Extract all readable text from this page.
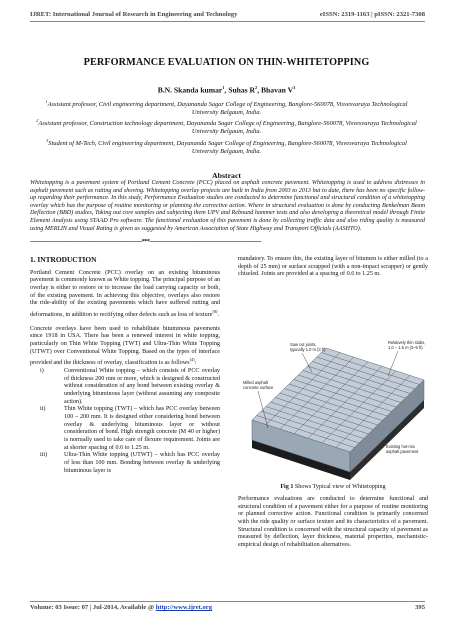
IJRET: International Journal of Research in Engineering and Technology	eISSN: 2319-1163 | pISSN: 2321-7308
PERFORMANCE EVALUATION ON THIN-WHITETOPPING
B.N. Skanda kumar$^1$, Suhas $R^2$, Bhavan $V^3$
$^1$Assistant professor, Civil engineering department, Dayananda Sagar College of Engineering, Banglore-560078, Visvesvaraya Technological University Belgaum, India.
$^2$Assistant professor, Construction technology department, Dayananda Sagar College of Engineering, Banglore-560078, Visvesvaraya Technological University Belgaum, India.
$^3$Student of M-Tech, Civil engineering department, Dayananda Sagar College of Engineering, Banglore-560078, Visvesvaraya Technological University Belgaum, India.
Abstract
Whitetopping is a pavement system of Portland Cement Concrete (PCC) placed on asphalt concrete pavement. Whitetopping is used to address distresses in asphalt pavement such as rutting and shoving. Whitetopping overlay projects are built in India from 2003 to 2013 but to date, there has been no specific follow-up regarding their performance. In this study, Performance Evaluation studies are conducted to determine functional and structural condition of a whitetopping overlay which has the purpose of routine monitoring or planning the corrective action. Where in structural evaluation is done by conducting Benkelman Beam Deflection (BBD) studies, Taking out core samples and subjecting them UPV and Rebound hammer tests and also developing a theoretical model through Finite Element Analysis using STAAD Pro software. The functional evaluation of this pavement is done by collecting traffic data and also riding quality is measured using MERLIN and Visual Rating is given as suggested by American Association of State Highway and Transport Officials (AASHTO).
-------------------------------------------------------------------------***-------------------------------------------------------------------------
1. INTRODUCTION

Portland Cement Concrete (PCC) overlay on an existing bituminous pavement is commonly known as White topping. The principal purpose of an overlay is either to restore or to increase the load carrying capacity or both, of the existing pavement. In achieving this objective, overlays also restore the ride-ability of the existing pavements which have suffered rutting and deformations, in addition to rectifying other defects such as loss of texture[8].

Concrete overlays have been used to rehabilitate bituminous pavements since 1918 in USA. There has been a renewed interest in white topping, particularly on Thin White Topping (TWT) and Ultra-Thin White Topping (UTWT) over Conventional White Topping. Based on the types of interface provided and the thickness of overlay, classification is as follows[4]:

i)	Conventional White topping – which consists of PCC overlay of thickness 200 mm or more, which is designed & constructed without consideration of any bond between existing overlay & underlying bituminous layer (without assuming any composite action).
ii)	Thin White topping (TWT) – which has PCC overlay between 100 – 200 mm. It is designed either considering bond between overlay & underlying bituminous layer or without consideration of bond. High strength concrete (M 40 or higher) is normally used to take care of flexure requirement. Joints are at shorter spacing of 0.6 to 1.25 m.
iii)	Ultra-Thin White topping (UTWT) – which has PCC overlay of less than 100 mm. Bonding between overlay & underlying bituminous layer is

mandatory. To ensure this, the existing layer of bitumen is either milled (to a depth of 25 mm) or surface scrapped (with a non-impact scrapper) or gently chiseled. Joints are provided at a spacing of 0.6 to 1.25 m.

Relatively thin slabs,
1.0 – 1.5 m (3–5 ft)
Saw cut joints,
typically 1.0 m (3 ft)
Milled asphalt
concrete surface
Existing hot-mix
asphalt pavement
Fig 1 Shows Typical view of Whitetopping

Performance evaluations are conducted to determine functional and structural condition of a pavement either for a purpose of routine monitoring or planned corrective action. Functional condition is primarily concerned with the ride quality or surface texture and its characteristics of a pavement. Structural condition is concerned with the structural capacity of pavement as measured by deflection, layer thickness, material properties, mechanistic-empirical design of rehabilitation alternatives.

Volume: 03 Issue: 07 | Jul-2014, Available @ http://www.ijret.org	395
